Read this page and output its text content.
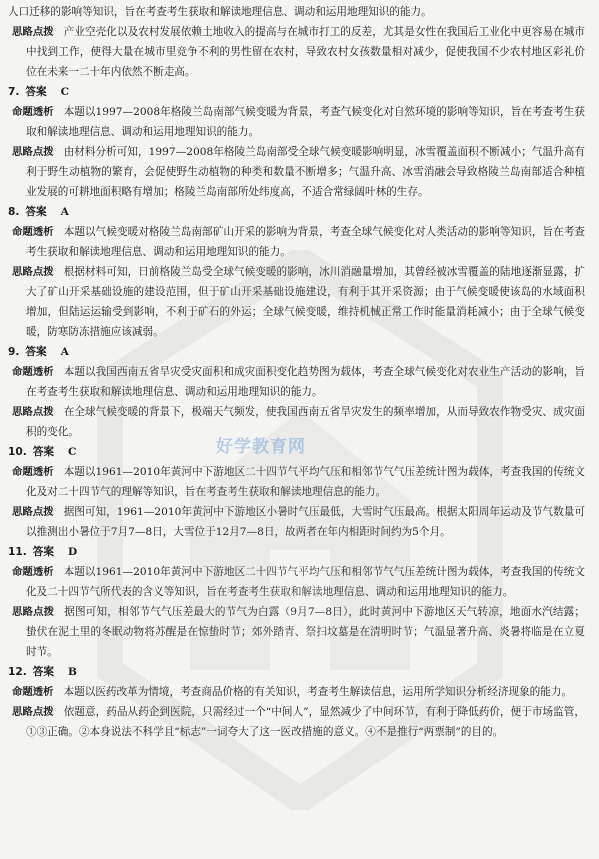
好学教育网

人口迁移的影响等知识，旨在考查考生获取和解读地理信息、调动和运用地理知识的能力。

思路点拨 产业空壳化以及农村发展依赖土地收入的提高与在城市打工的反差，尤其是女性在我国后工业化中更容易在城市中找到工作，使得大量在城市里竞争不利的男性留在农村，导致农村女孩数量相对减少，促使我国不少农村地区彩礼价位在未来一二十年内依然不断走高。

7. 答案 C

命题透析 本题以1997—2008年格陵兰岛南部气候变暖为背景，考查气候变化对自然环境的影响等知识，旨在考查考生获取和解读地理信息、调动和运用地理知识的能力。

思路点拨 由材料分析可知，1997—2008年格陵兰岛南部受全球气候变暖影响明显，冰雪覆盖面积不断减小；气温升高有利于野生动植物的繁育，会促使野生动植物的种类和数量不断增多；气温升高、冰雪消融会导致格陵兰岛南部适合种植业发展的可耕地面积略有增加；格陵兰岛南部所处纬度高，不适合常绿阔叶林的生存。

8. 答案 A

命题透析 本题以气候变暖对格陵兰岛南部矿山开采的影响为背景，考查全球气候变化对人类活动的影响等知识，旨在考查考生获取和解读地理信息、调动和运用地理知识的能力。

思路点拨 根据材料可知，日前格陵兰岛受全球气候变暖的影响，冰川消融量增加，其曾经被冰雪覆盖的陆地逐渐显露，扩大了矿山开采基础设施的建设范围，但于矿山开采基础设施建设，有利于其开采资源；由于气候变暖使该岛的水域面积增加，但陆运运输受到影响，不利于矿石的外运；全球气候变暖，维持机械正常工作时能量消耗减小；由于全球气候变暖，防寒防冻措施应该减弱。

9. 答案 A

命题透析 本题以我国西南五省旱灾受灾面积和成灾面积变化趋势图为载体，考查全球气候变化对农业生产活动的影响，旨在考查考生获取和解读地理信息、调动和运用地理知识的能力。

思路点拨 在全球气候变暖的背景下，极端天气频发，使我国西南五省旱灾发生的频率增加，从而导致农作物受灾、成灾面积的变化。

10. 答案 C

命题透析 本题以1961—2010年黄河中下游地区二十四节气平均气压和相邻节气气压差统计图为载体，考查我国的传统文化及对二十四节气的理解等知识，旨在考查考生获取和解读地理信息的能力。

思路点拨 据图可知，1961—2010年黄河中下游地区小暑时气压最低，大雪时气压最高。根据太阳周年运动及节气数量可以推测出小暑位于7月7—8日，大雪位于12月7—8日，故两者在年内相距时间约为5个月。

11. 答案 D

命题透析 本题以1961—2010年黄河中下游地区二十四节气平均气压和相邻节气气压差统计图为载体，考查我国的传统文化及二十四节气所代表的含义等知识，旨在考查考生获取和解读地理信息、调动和运用地理知识的能力。

思路点拨 据图可知，相邻节气气压差最大的节气为白露（9月7—8日），此时黄河中下游地区天气转凉，地面水汽结露；蛰伏在泥土里的冬眠动物将苏醒是在惊蛰时节；郊外踏青、祭扫坟墓是在清明时节；气温显著升高、炎暑将临是在立夏时节。

12. 答案 B

命题透析 本题以医药改革为情境，考查商品价格的有关知识，考查考生解读信息，运用所学知识分析经济现象的能力。

思路点拨 依题意，药品从药企到医院，只需经过一个“中间人”，显然减少了中间环节，有利于降低药价，便于市场监管，①③正确。②本身说法不科学且“标志”一词夸大了这一医改措施的意义。④不是推行“两票制”的目的。
